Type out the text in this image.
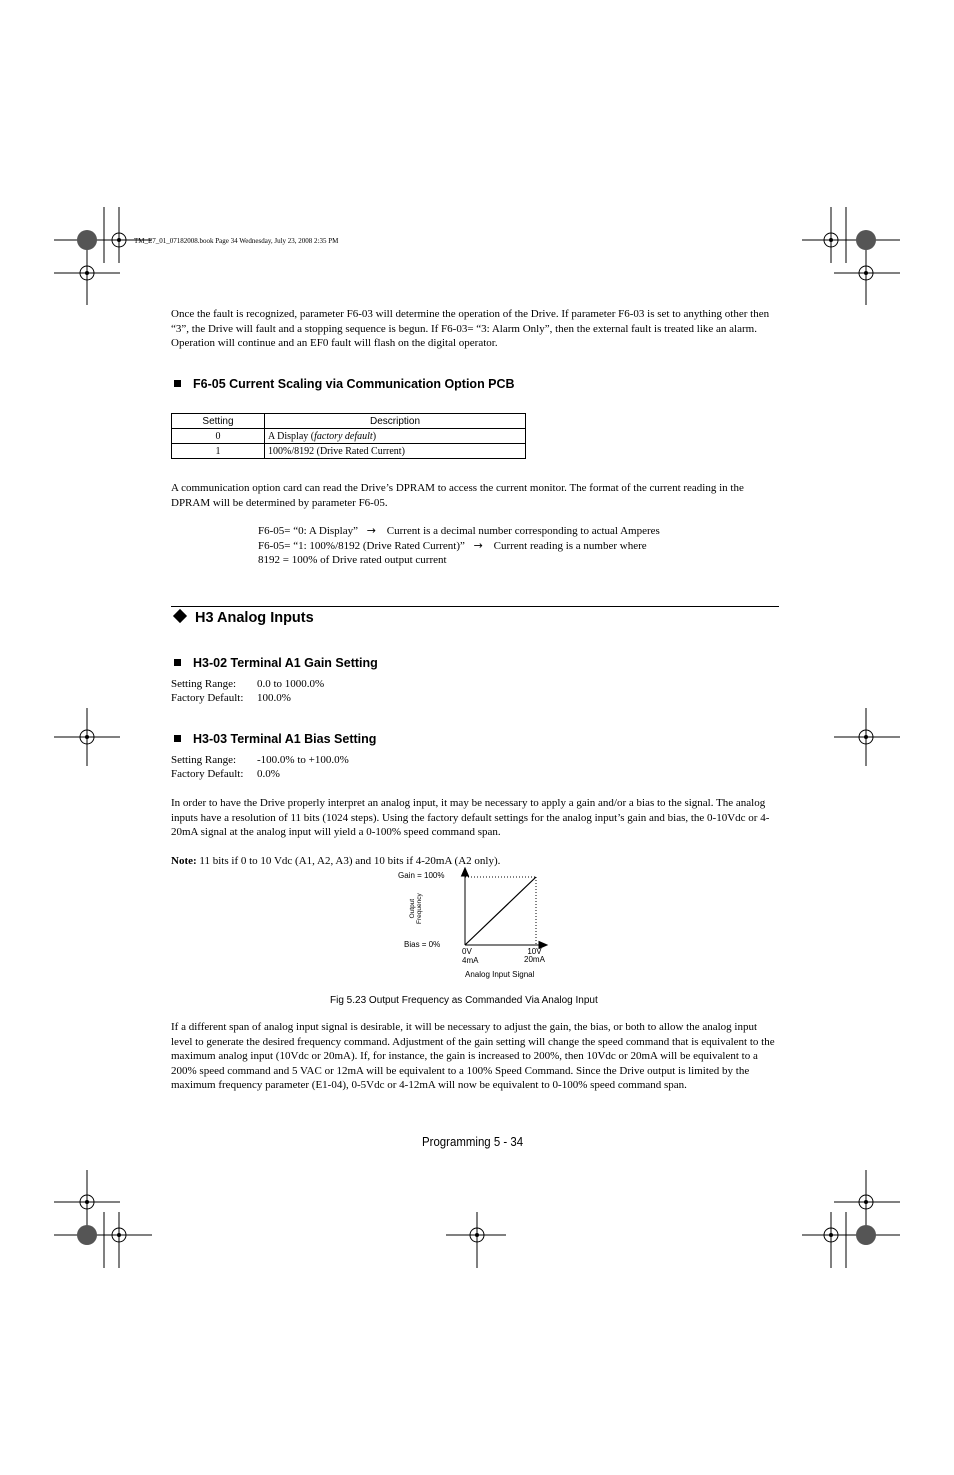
TM_E7_01_07182008.book Page 34 Wednesday, July 23, 2008 2:35 PM
Once the fault is recognized, parameter F6-03 will determine the operation of the Drive. If parameter F6-03 is set to anything other then “3”, the Drive will fault and a stopping sequence is begun. If F6-03= “3: Alarm Only”, then the external fault is treated like an alarm. Operation will continue and an EF0 fault will flash on the digital operator.
F6-05 Current Scaling via Communication Option PCB
Setting	Description
0	A Display (factory default)
1	100%/8192 (Drive Rated Current)
A communication option card can read the Drive’s DPRAM to access the current monitor. The format of the current reading in the DPRAM will be determined by parameter F6-05.
F6-05= “0: A Display” → Current is a decimal number corresponding to actual Amperes
F6-05= “1: 100%/8192 (Drive Rated Current)” → Current reading is a number where
8192 = 100% of Drive rated output current
H3 Analog Inputs
H3-02 Terminal A1 Gain Setting
Setting Range: 0.0 to 1000.0%
Factory Default: 100.0%
H3-03 Terminal A1 Bias Setting
Setting Range: -100.0% to +100.0%
Factory Default: 0.0%
In order to have the Drive properly interpret an analog input, it may be necessary to apply a gain and/or a bias to the signal. The analog inputs have a resolution of 11 bits (1024 steps). Using the factory default settings for the analog input’s gain and bias, the 0-10Vdc or 4-20mA signal at the analog input will yield a 0-100% speed command span.
Note: 11 bits if 0 to 10 Vdc (A1, A2, A3) and 10 bits if 4-20mA (A2 only).
Gain = 100%
Bias = 0%
Output Frequency
0V
4mA
10V
20mA
Analog Input Signal
Fig 5.23 Output Frequency as Commanded Via Analog Input
If a different span of analog input signal is desirable, it will be necessary to adjust the gain, the bias, or both to allow the analog input level to generate the desired frequency command. Adjustment of the gain setting will change the speed command that is equivalent to the maximum analog input (10Vdc or 20mA). If, for instance, the gain is increased to 200%, then 10Vdc or 20mA will be equivalent to a 200% speed command and 5 VAC or 12mA will be equivalent to a 100% Speed Command. Since the Drive output is limited by the maximum frequency parameter (E1-04), 0-5Vdc or 4-12mA will now be equivalent to 0-100% speed command span.
Programming 5 - 34
